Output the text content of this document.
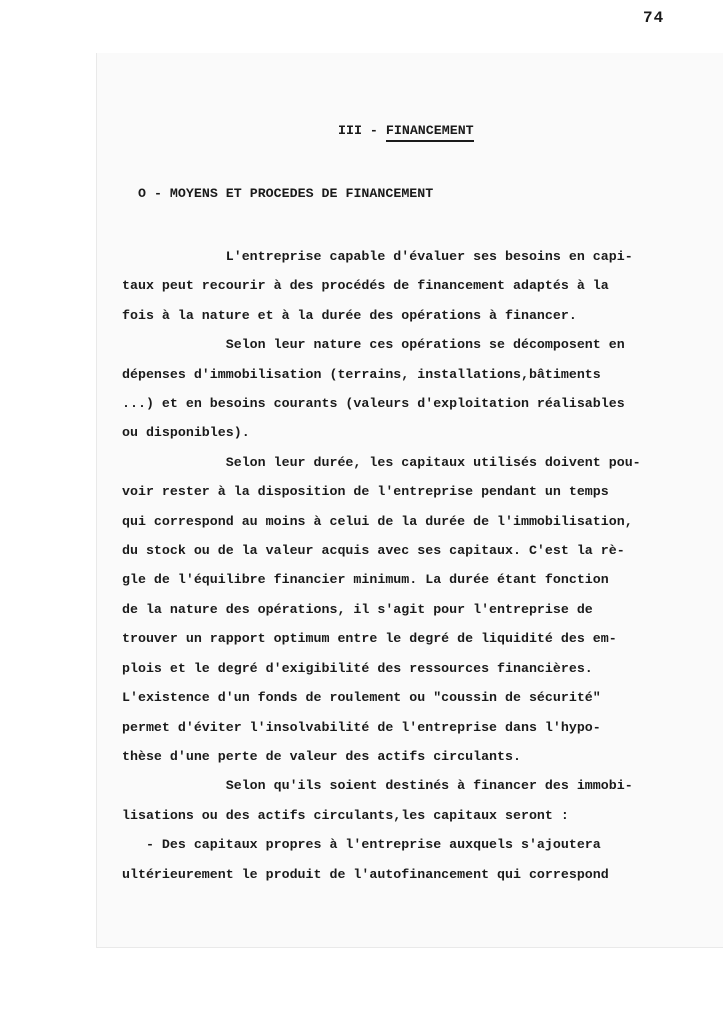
74
III - FINANCEMENT
O - MOYENS ET PROCEDES DE FINANCEMENT
L'entreprise capable d'évaluer ses besoins en capi-
taux peut recourir à des procédés de financement adaptés à la
fois à la nature et à la durée des opérations à financer.
Selon leur nature ces opérations se décomposent en
dépenses d'immobilisation (terrains, installations,bâtiments
...) et en besoins courants (valeurs d'exploitation réalisables
ou disponibles).
Selon leur durée, les capitaux utilisés doivent pou-
voir rester à la disposition de l'entreprise pendant un temps
qui correspond au moins à celui de la durée de l'immobilisation,
du stock ou de la valeur acquis avec ses capitaux. C'est la rè-
gle de l'équilibre financier minimum. La durée étant fonction
de la nature des opérations, il s'agit pour l'entreprise de
trouver un rapport optimum entre le degré de liquidité des em-
plois et le degré d'exigibilité des ressources financières.
L'existence d'un fonds de roulement ou "coussin de sécurité"
permet d'éviter l'insolvabilité de l'entreprise dans l'hypo-
thèse d'une perte de valeur des actifs circulants.
Selon qu'ils soient destinés à financer des immobi-
lisations ou des actifs circulants,les capitaux seront :
- Des capitaux propres à l'entreprise auxquels s'ajoutera
ultérieurement le produit de l'autofinancement qui correspond
